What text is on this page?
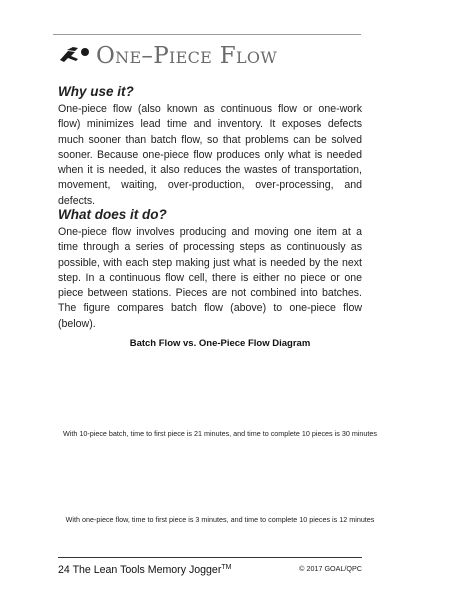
One–Piece Flow
Why use it?

One-piece flow (also known as continuous flow or one-work flow) minimizes lead time and inventory. It exposes defects much sooner than batch flow, so that problems can be solved sooner. Because one-piece flow produces only what is needed when it is needed, it also reduces the wastes of transportation, movement, waiting, over-production, over-processing, and defects.

What does it do?

One-piece flow involves producing and moving one item at a time through a series of processing steps as continuously as possible, with each step making just what is needed by the next step. In a continuous flow cell, there is either no piece or one piece between stations. Pieces are not combined into batches. The figure compares batch flow (above) to one-piece flow (below).

Batch Flow vs. One-Piece Flow Diagram
With 10-piece batch, time to first piece is 21 minutes, and time to complete 10 pieces is 30 minutes
With one-piece flow, time to first piece is 3 minutes, and time to complete 10 pieces is 12 minutes
24 The Lean Tools Memory Jogger™	© 2017 GOAL/QPC
